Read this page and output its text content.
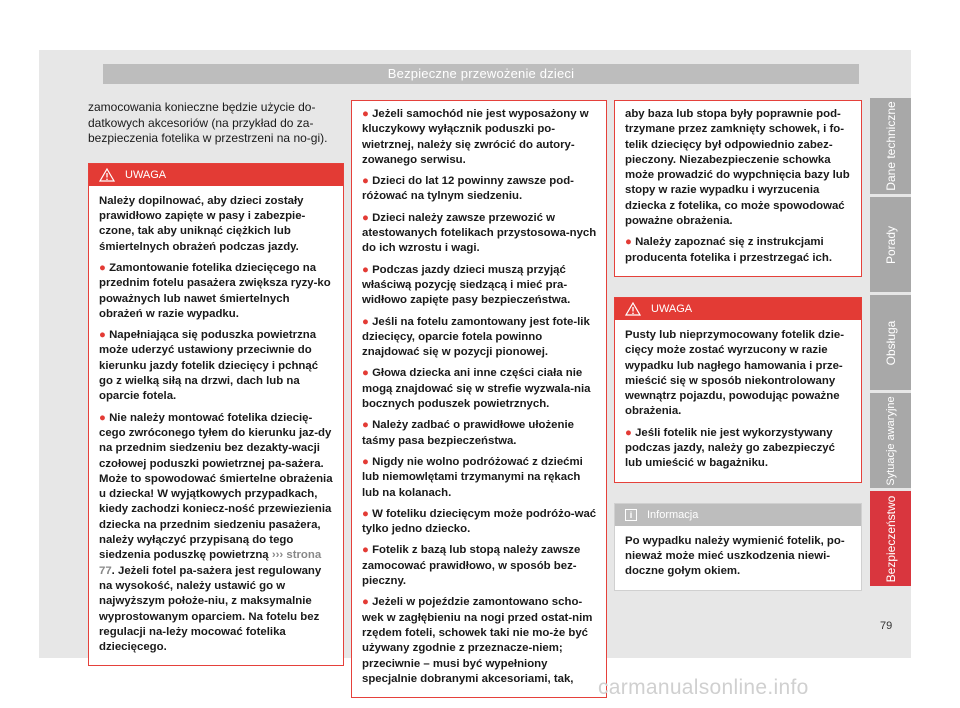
Bezpieczne przewożenie dzieci
zamocowania konieczne będzie użycie do-datkowych akcesoriów (na przykład do za-bezpieczenia fotelika w przestrzeni na no-gi).
UWAGA

Należy dopilnować, aby dzieci zostały prawidłowo zapięte w pasy i zabezpie-czone, tak aby uniknąć ciężkich lub śmiertelnych obrażeń podczas jazdy.

● Zamontowanie fotelika dziecięcego na przednim fotelu pasażera zwiększa ryzy-ko poważnych lub nawet śmiertelnych obrażeń w razie wypadku.

● Napełniająca się poduszka powietrzna może uderzyć ustawiony przeciwnie do kierunku jazdy fotelik dziecięcy i pchnąć go z wielką siłą na drzwi, dach lub na oparcie fotela.

● Nie należy montować fotelika dziecię-cego zwróconego tyłem do kierunku jaz-dy na przednim siedzeniu bez dezakty-wacji czołowej poduszki powietrznej pa-sażera. Może to spowodować śmiertelne obrażenia u dziecka! W wyjątkowych przypadkach, kiedy zachodzi koniecz-ność przewiezienia dziecka na przednim siedzeniu pasażera, należy wyłączyć przypisaną do tego siedzenia poduszkę powietrzną ››› strona 77. Jeżeli fotel pa-sażera jest regulowany na wysokość, należy ustawić go w najwyższym położe-niu, z maksymalnie wyprostowanym oparciem. Na fotelu bez regulacji na-leży mocować fotelika dziecięcego.

● Jeżeli samochód nie jest wyposażony w kluczykowy wyłącznik poduszki po-wietrznej, należy się zwrócić do autory-zowanego serwisu.

● Dzieci do lat 12 powinny zawsze pod-różować na tylnym siedzeniu.

● Dzieci należy zawsze przewozić w atestowanych fotelikach przystosowa-nych do ich wzrostu i wagi.

● Podczas jazdy dzieci muszą przyjąć właściwą pozycję siedzącą i mieć pra-widłowo zapięte pasy bezpieczeństwa.

● Jeśli na fotelu zamontowany jest fote-lik dziecięcy, oparcie fotela powinno znajdować się w pozycji pionowej.

● Głowa dziecka ani inne części ciała nie mogą znajdować się w strefie wyzwala-nia bocznych poduszek powietrznych.

● Należy zadbać o prawidłowe ułożenie taśmy pasa bezpieczeństwa.

● Nigdy nie wolno podróżować z dziećmi lub niemowlętami trzymanymi na rękach lub na kolanach.

● W foteliku dziecięcym może podróżo-wać tylko jedno dziecko.

● Fotelik z bazą lub stopą należy zawsze zamocować prawidłowo, w sposób bez-pieczny.

● Jeżeli w pojeździe zamontowano scho-wek w zagłębieniu na nogi przed ostat-nim rzędem foteli, schowek taki nie mo-że być używany zgodnie z przeznacze-niem; przeciwnie – musi być wypełniony specjalnie dobranymi akcesoriami, tak,

aby baza lub stopa były poprawnie pod-trzymane przez zamknięty schowek, i fo-telik dziecięcy był odpowiednio zabez-pieczony. Niezabezpieczenie schowka może prowadzić do wypchnięcia bazy lub stopy w razie wypadku i wyrzucenia dziecka z fotelika, co może spowodować poważne obrażenia.

● Należy zapoznać się z instrukcjami producenta fotelika i przestrzegać ich.

UWAGA

Pusty lub nieprzymocowany fotelik dzie-cięcy może zostać wyrzucony w razie wypadku lub nagłego hamowania i prze-mieścić się w sposób niekontrolowany wewnątrz pojazdu, powodując poważne obrażenia.

● Jeśli fotelik nie jest wykorzystywany podczas jazdy, należy go zabezpieczyć lub umieścić w bagażniku.

i	Informacja

Po wypadku należy wymienić fotelik, po-nieważ może mieć uszkodzenia niewi-doczne gołym okiem.

Dane techniczne
Porady
Obsługa
Sytuacje awaryjne
Bezpieczeństwo
79
carmanualsonline.info
